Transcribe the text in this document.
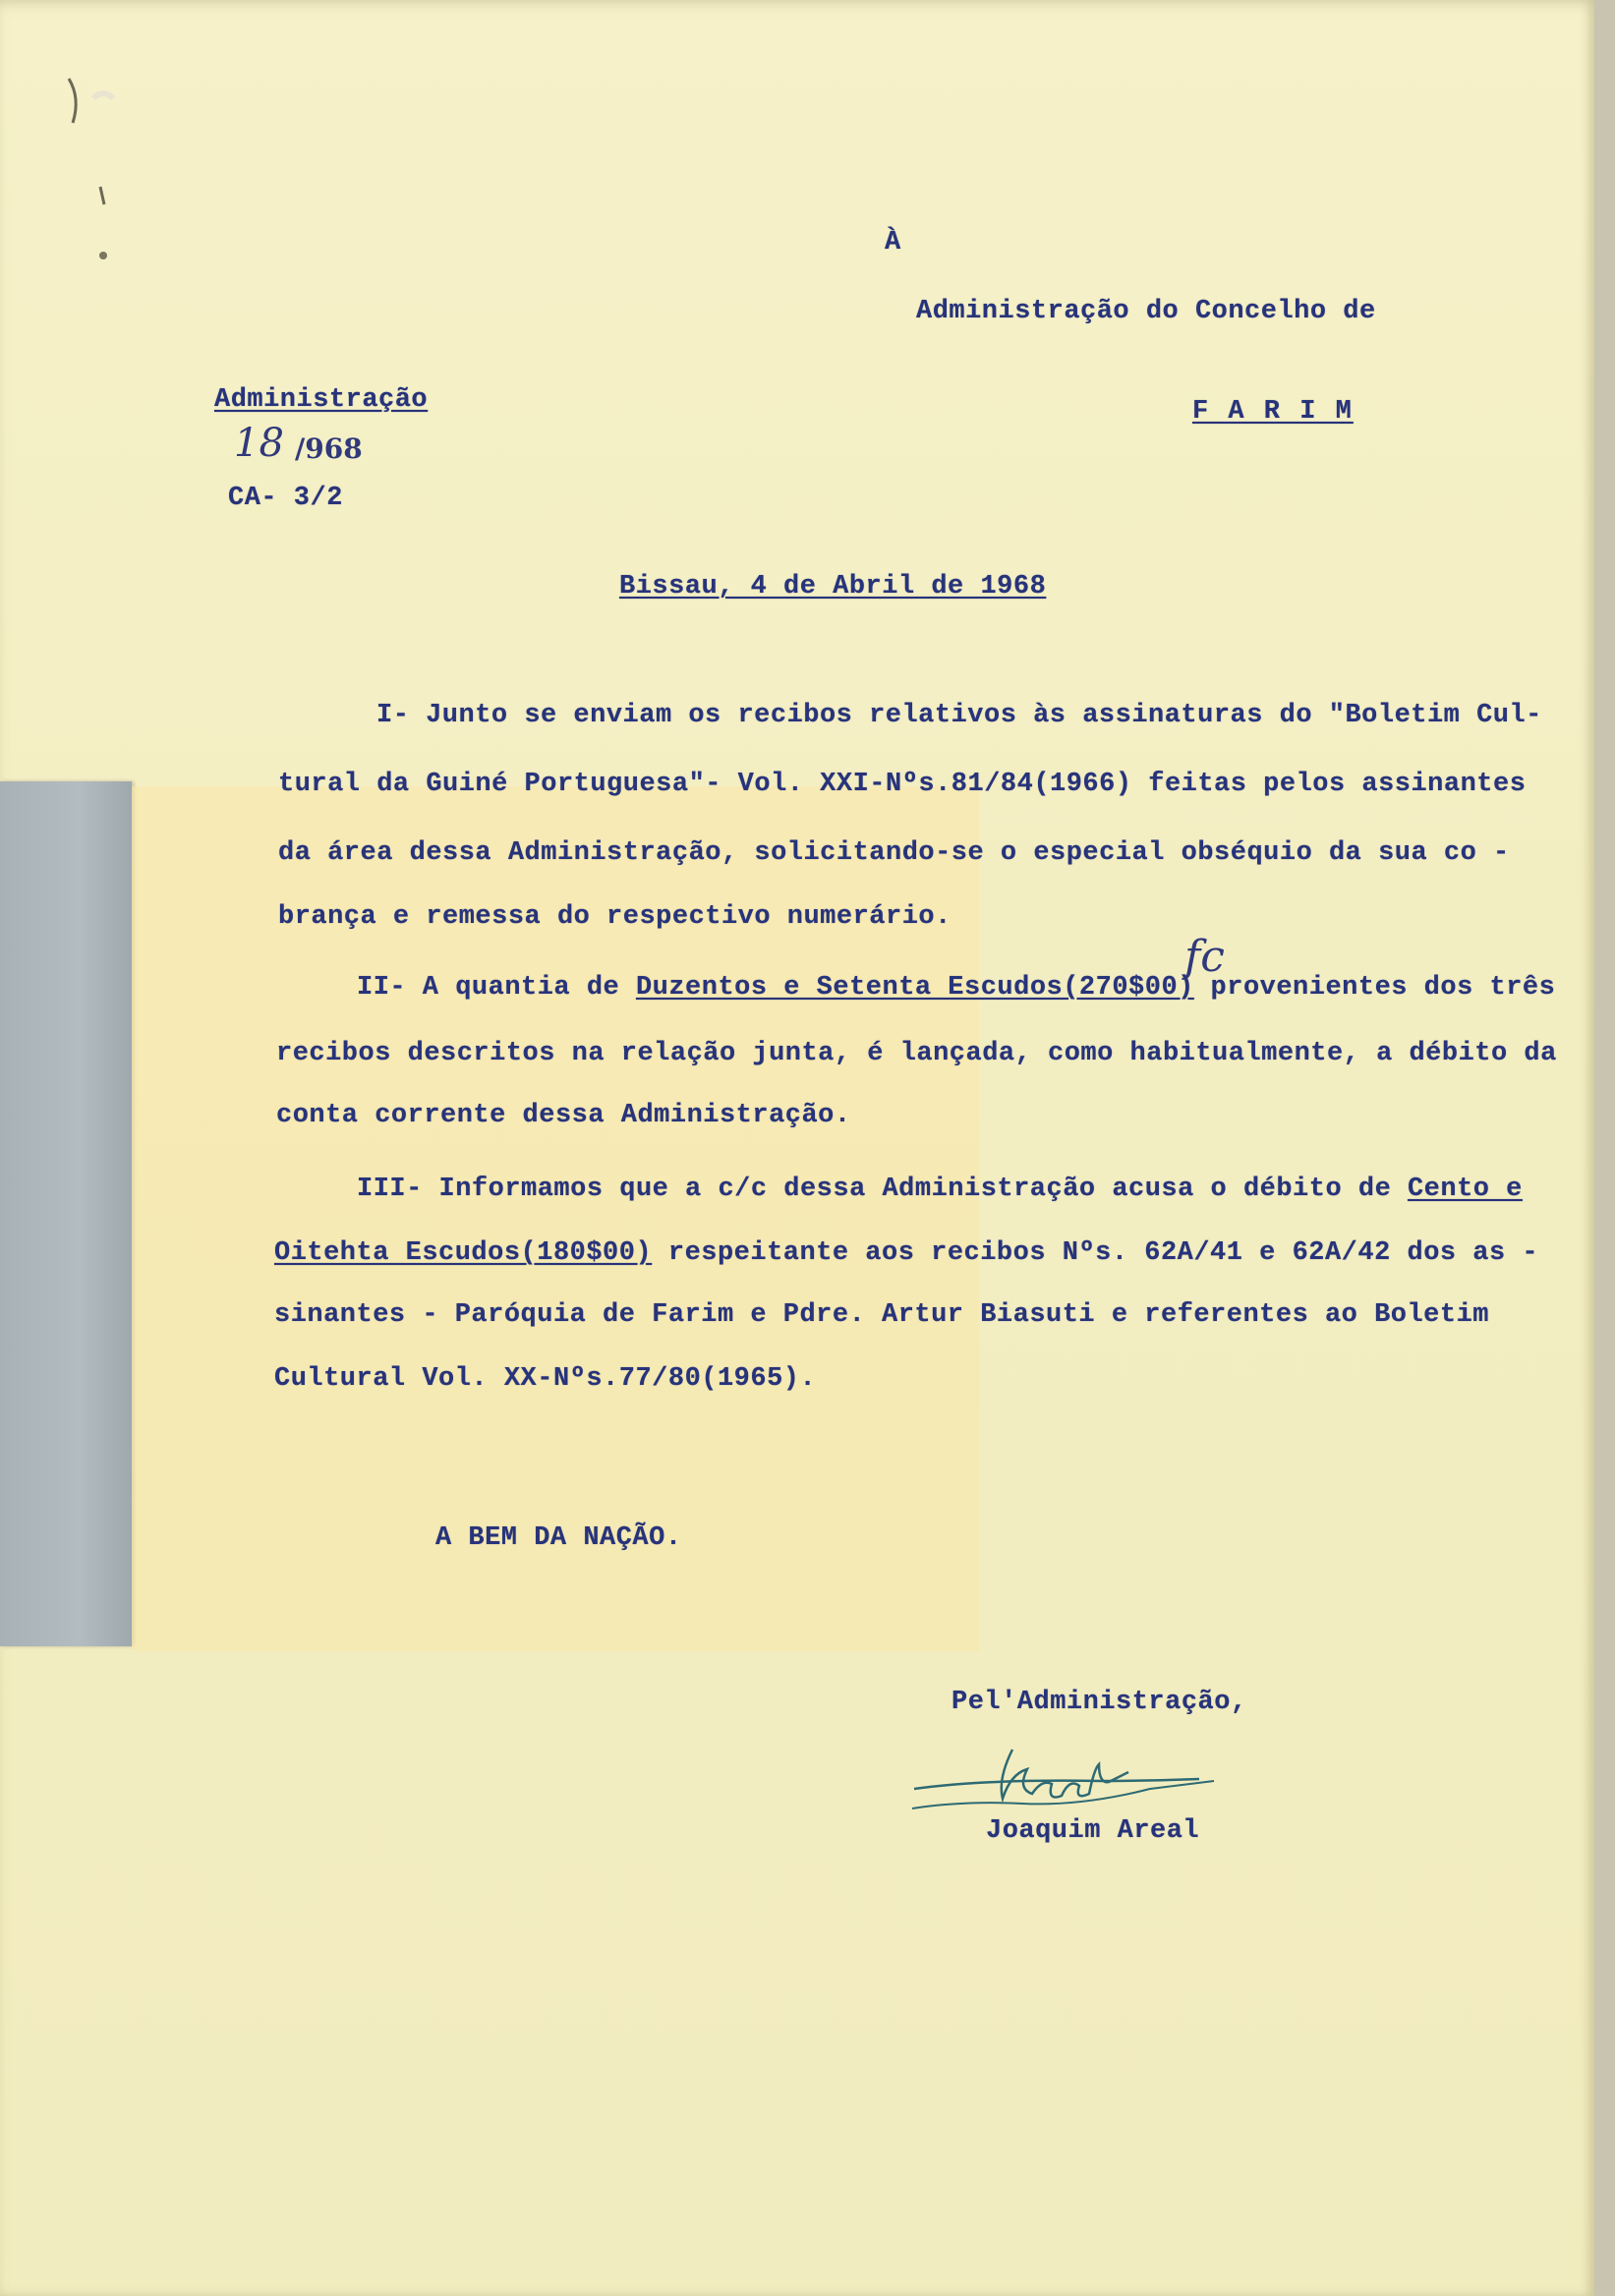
À

Administração do Concelho de

F A R I M

Administração

18 /968

CA- 3/2

Bissau, 4 de Abril de 1968

I- Junto se enviam os recibos relativos às assinaturas do "Boletim Cul-

tural da Guiné Portuguesa"- Vol. XXI-Nºs.81/84(1966) feitas pelos assinantes

da área dessa Administração, solicitando-se o especial obséquio da sua co -

brança e remessa do respectivo numerário.

II- A quantia de Duzentos e Setenta Escudos(270$00) provenientes dos três

fc

recibos descritos na relação junta, é lançada, como habitualmente, a débito da

conta corrente dessa Administração.

III- Informamos que a c/c dessa Administração acusa o débito de Cento e

Oitehta Escudos(180$00) respeitante aos recibos Nºs. 62A/41 e 62A/42 dos as -

sinantes - Paróquia de Farim e Pdre. Artur Biasuti e referentes ao Boletim

Cultural Vol. XX-Nºs.77/80(1965).

A BEM DA NAÇÃO.

Pel'Administração,

Joaquim Areal
